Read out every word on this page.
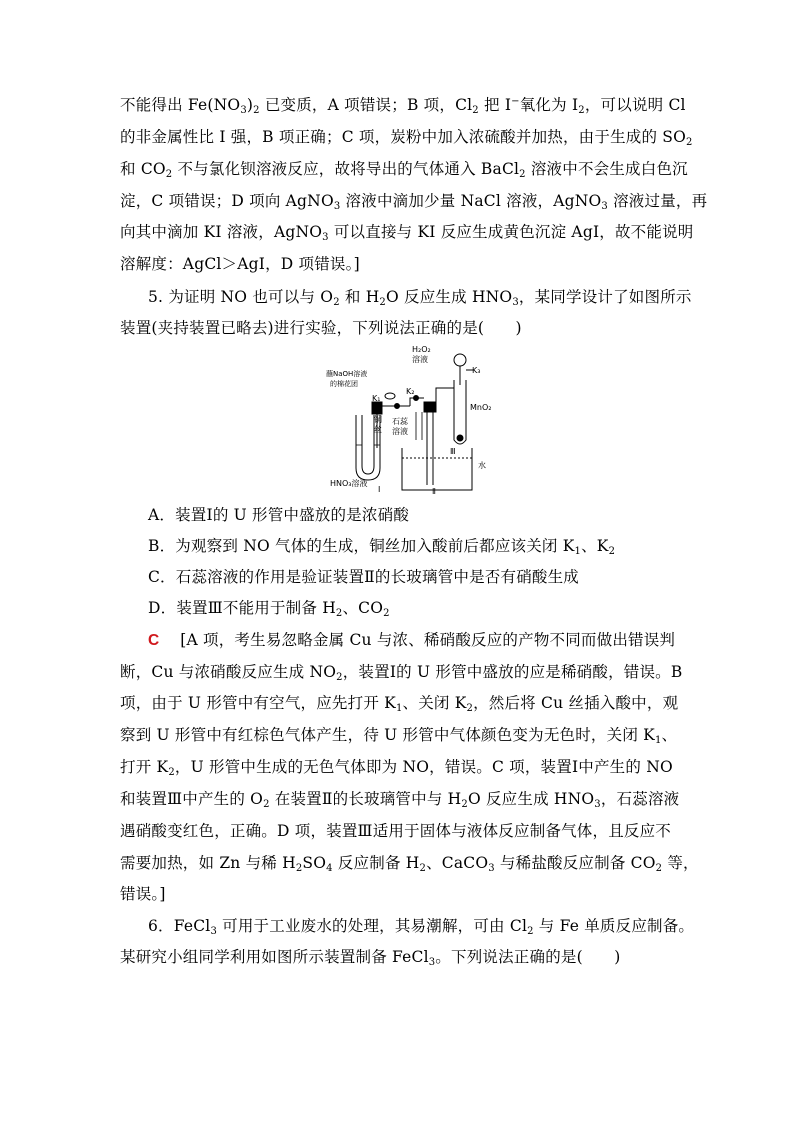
不能得出 $Fe(NO_3)_2$ 已变质，A 项错误；B 项，$Cl_2$ 把 I−氧化为 $I_2$，可以说明 Cl
的非金属性比 I 强，B 项正确；C 项，炭粉中加入浓硫酸并加热，由于生成的 $SO_2$
和 $CO_2$ 不与氯化钡溶液反应，故将导出的气体通入 BaCl$_2$ 溶液中不会生成白色沉
淀，C 项错误；D 项向 AgNO$_3$ 溶液中滴加少量 NaCl 溶液，AgNO$_3$ 溶液过量，再
向其中滴加 KI 溶液，AgNO$_3$ 可以直接与 KI 反应生成黄色沉淀 AgI，故不能说明
溶解度：AgCl＞AgI，D 项错误。]
5. 为证明 NO 也可以与 $O_2$ 和 $H_2O$ 反应生成 $HNO_3$，某同学设计了如图所示
装置(夹持装置已略去)进行实验，下列说法正确的是(　　)
H₂O₂
溶液
K₃
蘸NaOH溶液
的棉花团
K₂
K₁
铜
丝
石蕊
溶液
MnO₂
Ⅲ
水
HNO₃溶液
Ⅰ	Ⅱ
A．装置Ⅰ的 U 形管中盛放的是浓硝酸
B．为观察到 NO 气体的生成，铜丝加入酸前后都应该关闭 $K_1$、$K_2$
C．石蕊溶液的作用是验证装置Ⅱ的长玻璃管中是否有硝酸生成
D．装置Ⅲ不能用于制备 $H_2$、$CO_2$
C   [A 项，考生易忽略金属 Cu 与浓、稀硝酸反应的产物不同而做出错误判
断，Cu 与浓硝酸反应生成 $NO_2$，装置Ⅰ的 U 形管中盛放的应是稀硝酸，错误。B
项，由于 U 形管中有空气，应先打开 $K_1$、关闭 $K_2$，然后将 Cu 丝插入酸中，观
察到 U 形管中有红棕色气体产生，待 U 形管中气体颜色变为无色时，关闭 $K_1$、
打开 $K_2$，U 形管中生成的无色气体即为 NO，错误。C 项，装置Ⅰ中产生的 NO
和装置Ⅲ中产生的 $O_2$ 在装置Ⅱ的长玻璃管中与 $H_2O$ 反应生成 $HNO_3$，石蕊溶液
遇硝酸变红色，正确。D 项，装置Ⅲ适用于固体与液体反应制备气体，且反应不
需要加热，如 Zn 与稀 $H_2SO_4$ 反应制备 $H_2$、CaCO$_3$ 与稀盐酸反应制备 $CO_2$ 等，
错误。]
6．FeCl$_3$ 可用于工业废水的处理，其易潮解，可由 $Cl_2$ 与 Fe 单质反应制备。
某研究小组同学利用如图所示装置制备 FeCl$_3$。下列说法正确的是(　　)
